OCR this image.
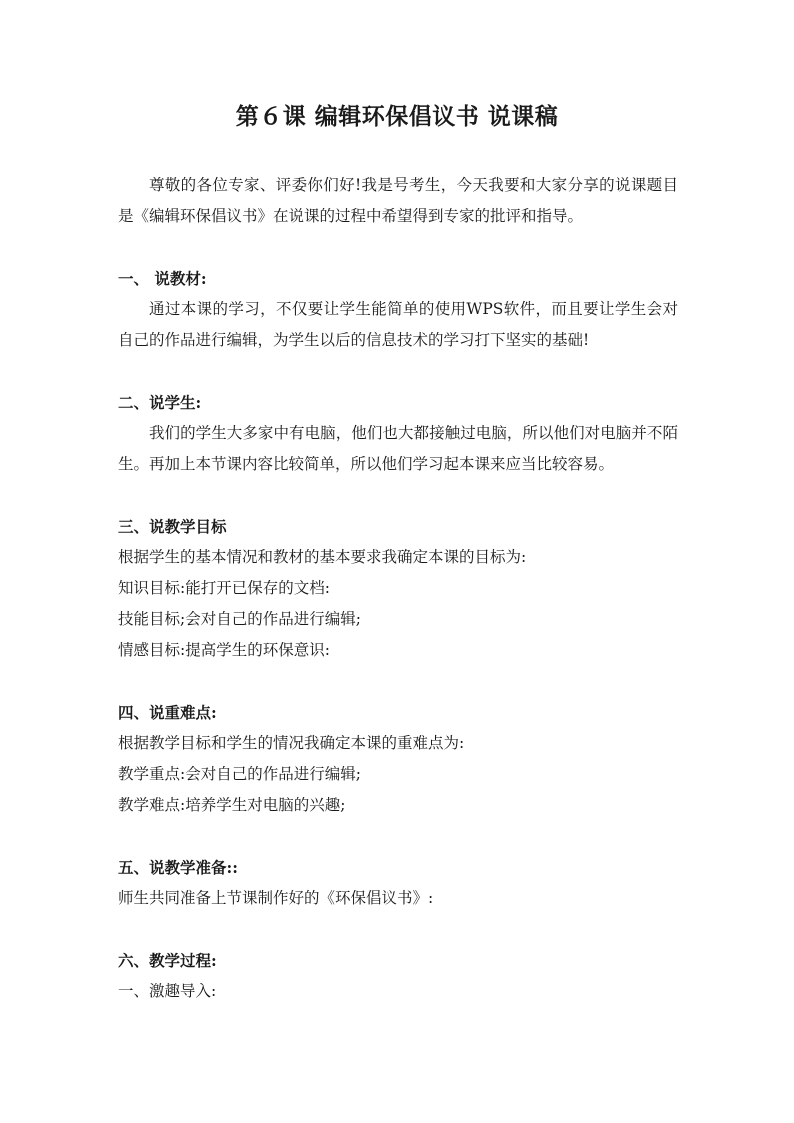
第６课 编辑环保倡议书 说课稿

尊敬的各位专家、评委你们好!我是号考生，今天我要和大家分享的说课题目是《编辑环保倡议书》在说课的过程中希望得到专家的批评和指导。

一、 说教材:

通过本课的学习，不仅要让学生能简单的使用WPS软件，而且要让学生会对自己的作品进行编辑，为学生以后的信息技术的学习打下坚实的基础!

二、说学生:

我们的学生大多家中有电脑，他们也大都接触过电脑，所以他们对电脑并不陌生。再加上本节课内容比较简单，所以他们学习起本课来应当比较容易。

三、说教学目标

根据学生的基本情况和教材的基本要求我确定本课的目标为:

知识目标:能打开已保存的文档:

技能目标;会对自己的作品进行编辑;

情感目标:提高学生的环保意识:

四、说重难点:

根据教学目标和学生的情况我确定本课的重难点为:

教学重点:会对自己的作品进行编辑;

教学难点:培养学生对电脑的兴趣;

五、说教学准备::

师生共同准备上节课制作好的《环保倡议书》:

六、教学过程:

一、激趣导入:
